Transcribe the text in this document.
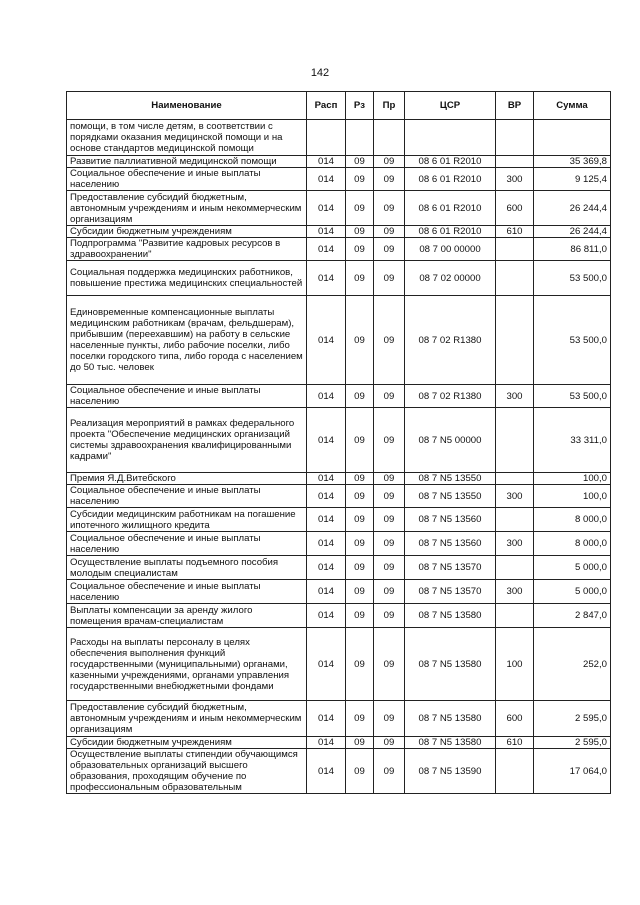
142
Наименование	Расп	Рз	Пр	ЦСР	ВР	Сумма
помощи, в том числе детям, в соответствии с порядками оказания медицинской помощи и на основе стандартов медицинской помощи						
Развитие паллиативной медицинской помощи	014	09	09	08 6 01 R2010		35 369,8
Социальное обеспечение и иные выплаты населению	014	09	09	08 6 01 R2010	300	9 125,4
Предоставление субсидий бюджетным, автономным учреждениям и иным некоммерческим организациям	014	09	09	08 6 01 R2010	600	26 244,4
Субсидии бюджетным учреждениям	014	09	09	08 6 01 R2010	610	26 244,4
Подпрограмма "Развитие кадровых ресурсов в здравоохранении"	014	09	09	08 7 00 00000		86 811,0
Социальная поддержка медицинских работников, повышение престижа медицинских специальностей	014	09	09	08 7 02 00000		53 500,0
Единовременные компенсационные выплаты медицинским работникам (врачам, фельдшерам), прибывшим (переехавшим) на работу в сельские населенные пункты, либо рабочие поселки, либо поселки городского типа, либо города с населением до 50 тыс. человек	014	09	09	08 7 02 R1380		53 500,0
Социальное обеспечение и иные выплаты населению	014	09	09	08 7 02 R1380	300	53 500,0
Реализация мероприятий в рамках федерального проекта "Обеспечение медицинских организаций системы здравоохранения квалифицированными кадрами"	014	09	09	08 7 N5 00000		33 311,0
Премия Я.Д.Витебского	014	09	09	08 7 N5 13550		100,0
Социальное обеспечение и иные выплаты населению	014	09	09	08 7 N5 13550	300	100,0
Субсидии медицинским работникам на погашение ипотечного жилищного кредита	014	09	09	08 7 N5 13560		8 000,0
Социальное обеспечение и иные выплаты населению	014	09	09	08 7 N5 13560	300	8 000,0
Осуществление выплаты подъемного пособия молодым специалистам	014	09	09	08 7 N5 13570		5 000,0
Социальное обеспечение и иные выплаты населению	014	09	09	08 7 N5 13570	300	5 000,0
Выплаты компенсации за аренду жилого помещения врачам-специалистам	014	09	09	08 7 N5 13580		2 847,0
Расходы на выплаты персоналу в целях обеспечения выполнения функций государственными (муниципальными) органами, казенными учреждениями, органами управления государственными внебюджетными фондами	014	09	09	08 7 N5 13580	100	252,0
Предоставление субсидий бюджетным, автономным учреждениям и иным некоммерческим организациям	014	09	09	08 7 N5 13580	600	2 595,0
Субсидии бюджетным учреждениям	014	09	09	08 7 N5 13580	610	2 595,0
Осуществление выплаты стипендии обучающимся образовательных организаций высшего образования, проходящим обучение по профессиональным образовательным	014	09	09	08 7 N5 13590		17 064,0
